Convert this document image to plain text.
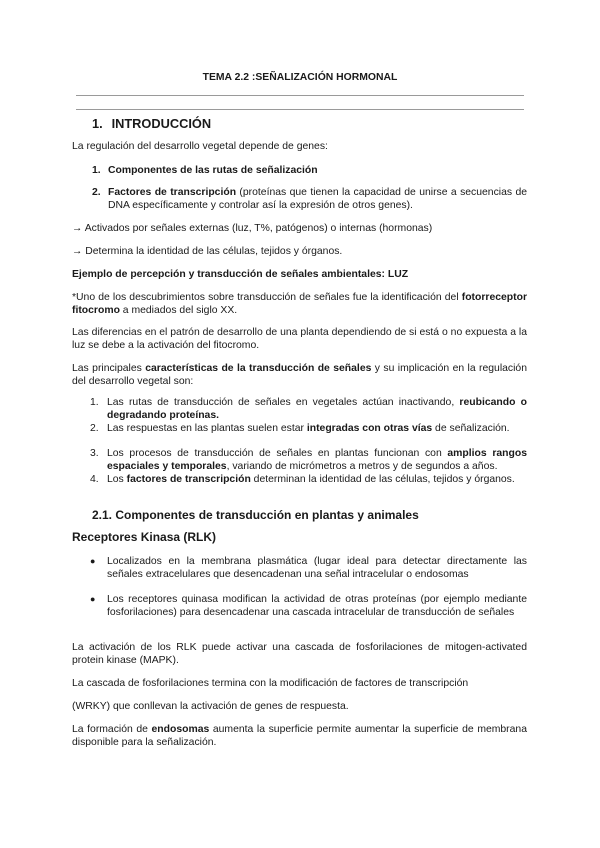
TEMA 2.2 :SEÑALIZACIÓN HORMONAL
1. INTRODUCCIÓN
La regulación del desarrollo vegetal depende de genes:
1. Componentes de las rutas de señalización
2. Factores de transcripción (proteínas que tienen la capacidad de unirse a secuencias de DNA específicamente y controlar así la expresión de otros genes).
→ Activados por señales externas (luz, T%, patógenos) o internas (hormonas)
→ Determina la identidad de las células, tejidos y órganos.
Ejemplo de percepción y transducción de señales ambientales: LUZ
*Uno de los descubrimientos sobre transducción de señales fue la identificación del fotorreceptor fitocromo a mediados del siglo XX.
Las diferencias en el patrón de desarrollo de una planta dependiendo de si está o no expuesta a la luz se debe a la activación del fitocromo.
Las principales características de la transducción de señales y su implicación en la regulación del desarrollo vegetal son:
1. Las rutas de transducción de señales en vegetales actúan inactivando, reubicando o degradando proteínas.
2. Las respuestas en las plantas suelen estar integradas con otras vías de señalización.
3. Los procesos de transducción de señales en plantas funcionan con amplios rangos espaciales y temporales, variando de micrómetros a metros y de segundos a años.
4. Los factores de transcripción determinan la identidad de las células, tejidos y órganos.
2.1. Componentes de transducción en plantas y animales
Receptores Kinasa (RLK)
● Localizados en la membrana plasmática (lugar ideal para detectar directamente las señales extracelulares que desencadenan una señal intracelular o endosomas
● Los receptores quinasa modifican la actividad de otras proteínas (por ejemplo mediante fosforilaciones) para desencadenar una cascada intracelular de transducción de señales
La activación de los RLK puede activar una cascada de fosforilaciones de mitogen-activated protein kinase (MAPK).
La cascada de fosforilaciones termina con la modificación de factores de transcripción
(WRKY) que conllevan la activación de genes de respuesta.
La formación de endosomas aumenta la superficie permite aumentar la superficie de membrana disponible para la señalización.
